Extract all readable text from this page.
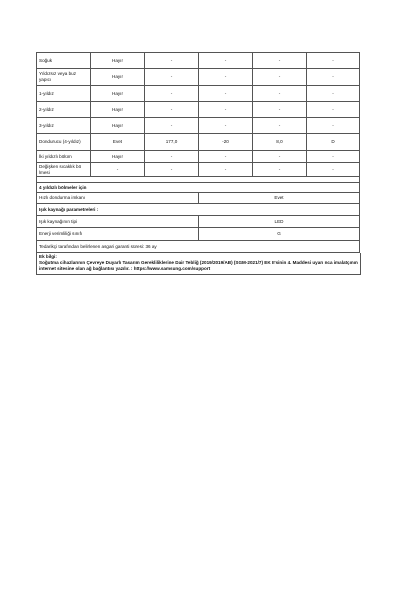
Soğuk	Hayır	-	-	-	-
Yıldızsız veya buz yapıcı	Hayır	-	-	-	-
1-yıldız	Hayır	-	-	-	-
2-yıldız	Hayır	-	-	-	-
3-yıldız	Hayır	-	-	-	-
Dondurucu (4-yıldız)	Evet	177,0	-20	8,0	D
İki yıldızlı bölüm	Hayır	-	-	-	-
Değişken sıcaklık bö lmesi	-	-	-	-	-

4 yıldızlı bölmeler için					
Hızlı dondurma imkanı			Evet		
Işık kaynağı parametreleri :					
Işık kaynağının tipi			LED		
Enerji verimliliği sınıfı			G		
Tedarikçi tarafından belirlenen asgari garanti süresi: 36 ay					
Ek bilgi:
Soğutma cihazlarının Çevreye Duyarlı Tasarım Gerekliliklerine Dair Tebliğ (2019/2019/AB) (SGM-2021/7) EK II'sinin 4. Maddesi uyarı nca imalatçının internet sitesine olan ağ bağlantısı yazılır. : https://www.samsung.com/support
